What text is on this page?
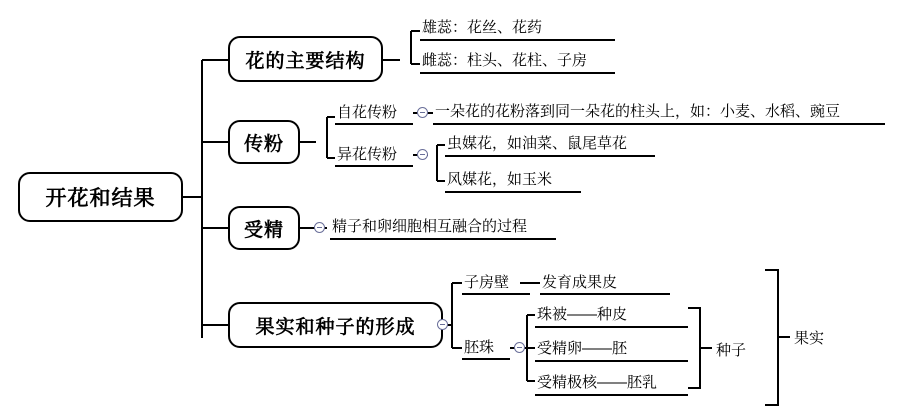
开花和结果
花的主要结构
雄蕊：花丝、花药
雌蕊：柱头、花柱、子房
传粉
自花传粉	一朵花的花粉落到同一朵花的柱头上，如：小麦、水稻、豌豆
异花传粉
虫媒花，如油菜、鼠尾草花
风媒花，如玉米
受精	精子和卵细胞相互融合的过程
果实和种子的形成
子房壁 发育成果皮
胚珠
珠被——种皮
受精卵——胚
受精极核——胚乳
种子
果实
